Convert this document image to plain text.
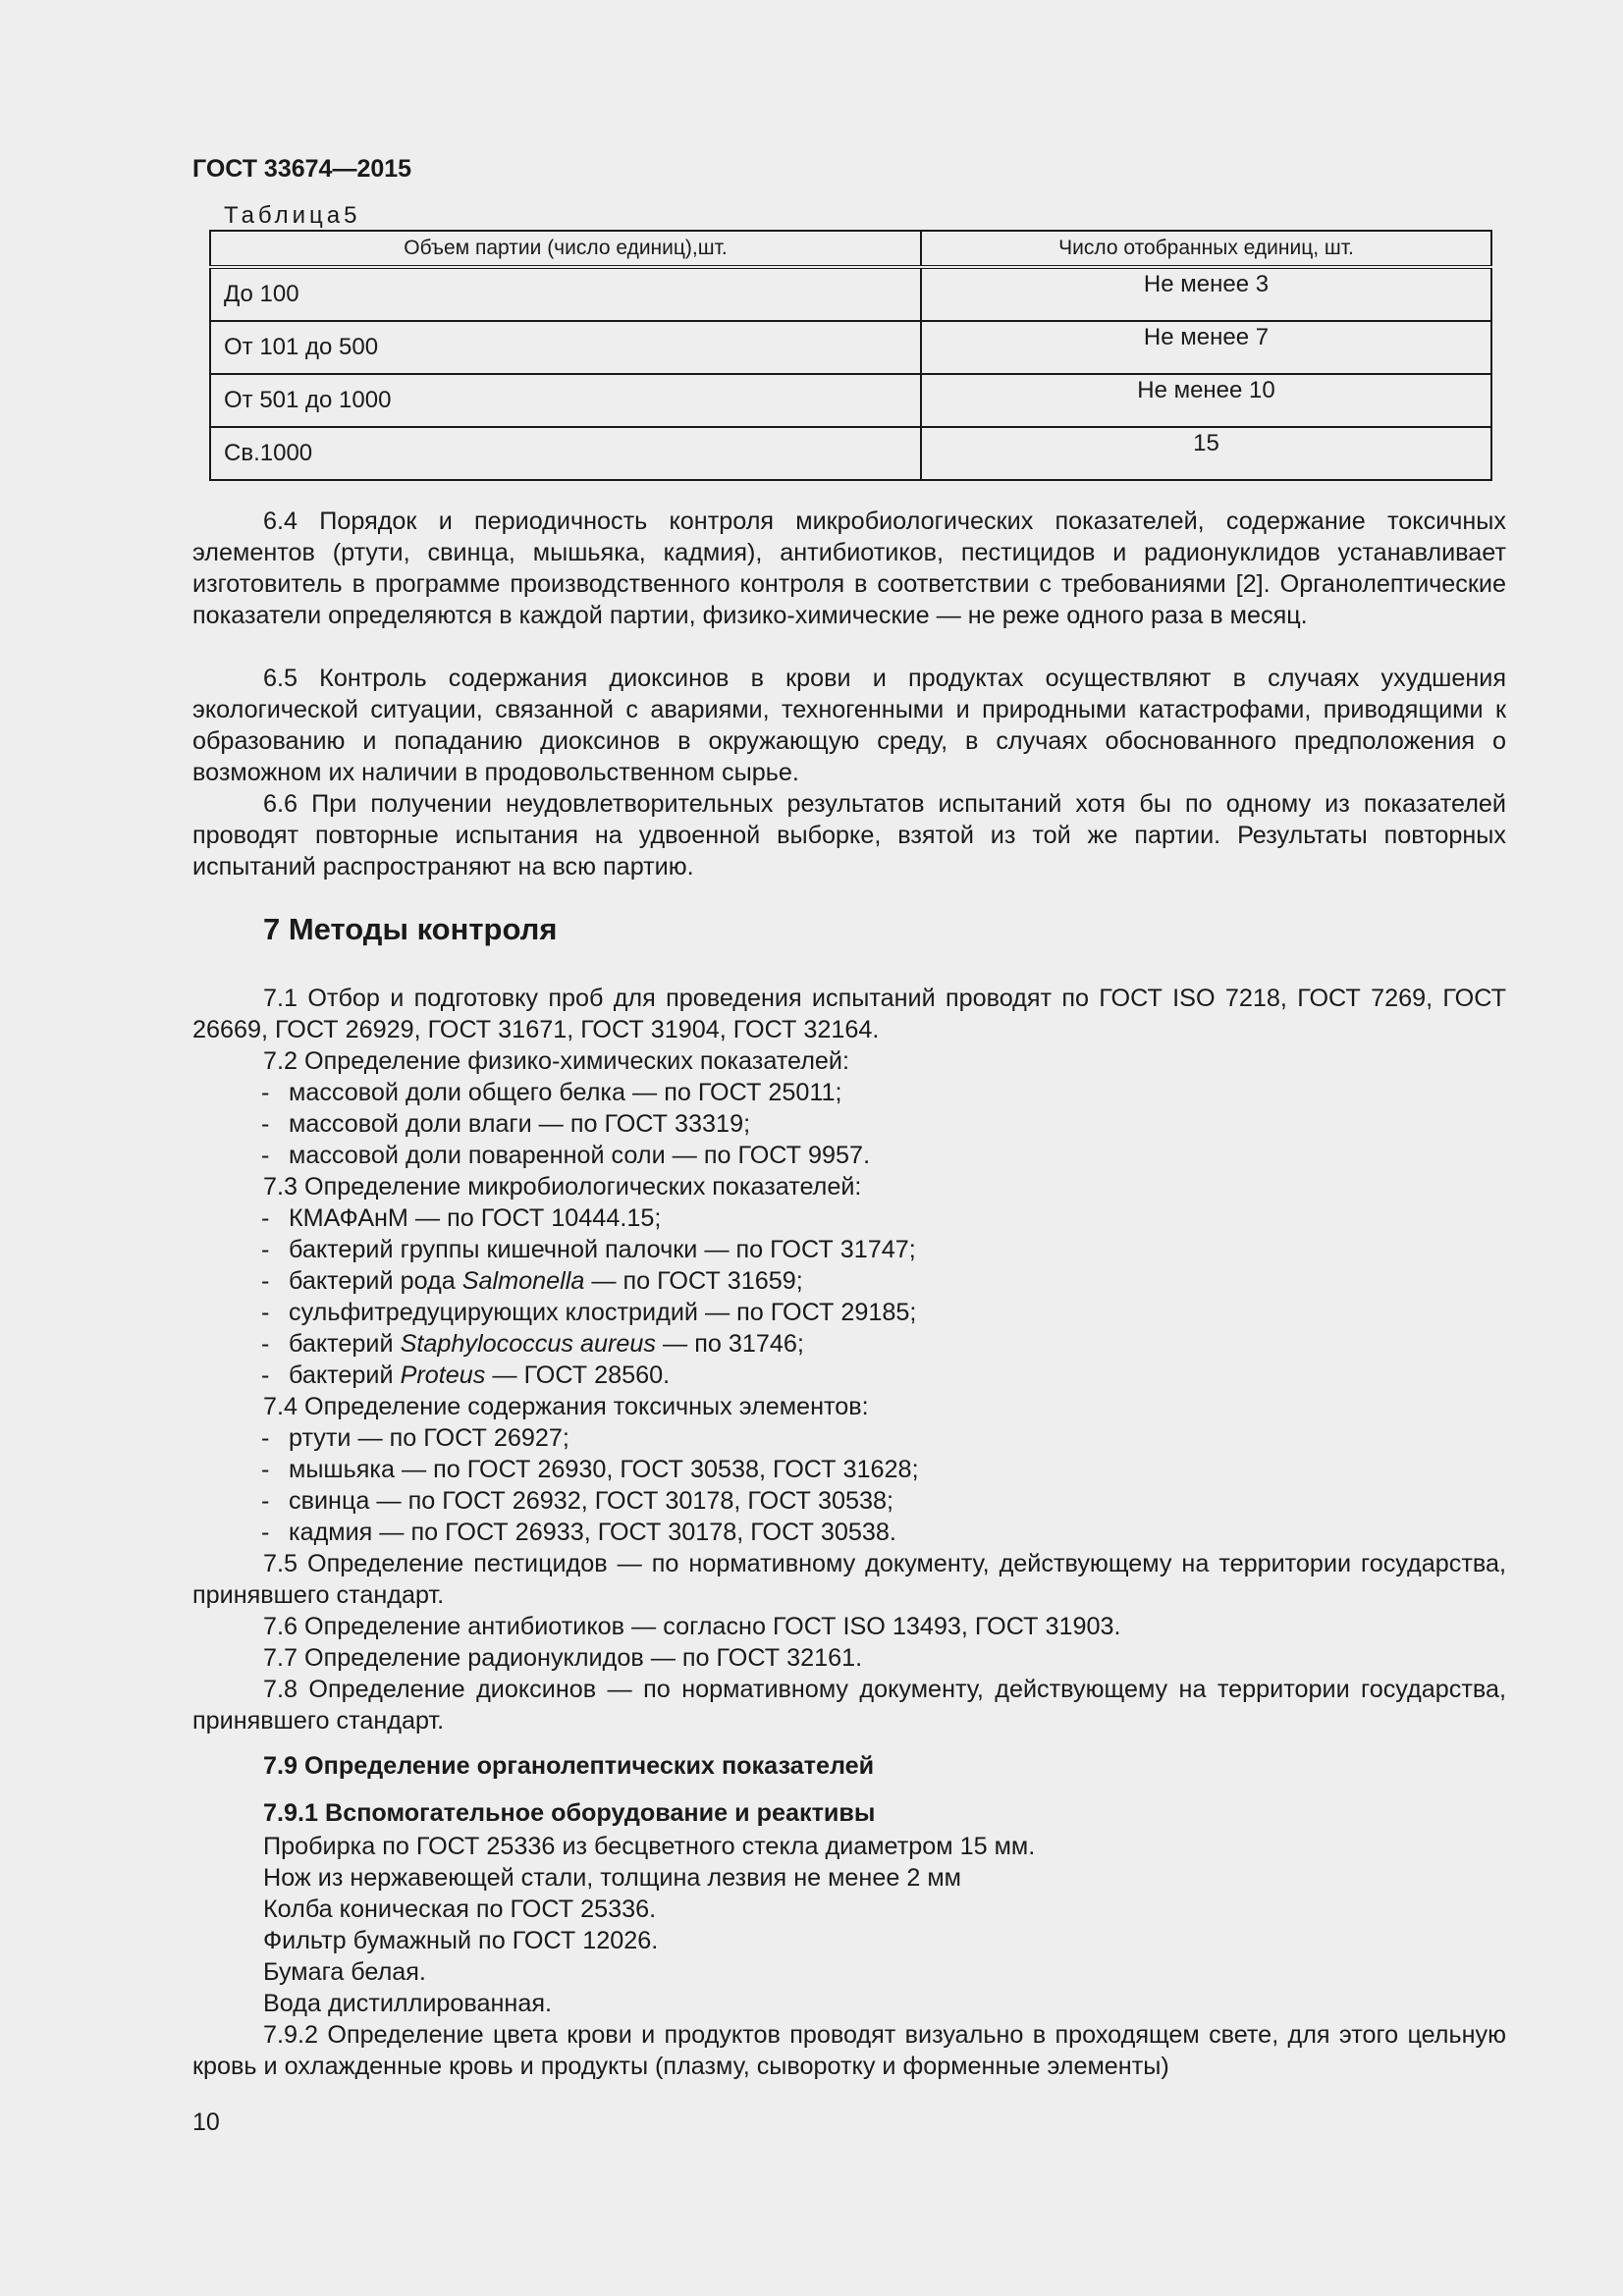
ГОСТ 33674—2015
Таблица5
Объем партии (число единиц),шт.	Число отобранных единиц, шт.
До 100	Не менее 3
От 101 до 500	Не менее 7
От 501 до 1000	Не менее 10
Св.1000	15
6.4 Порядок и периодичность контроля микробиологических показателей, содержание токсичных элементов (ртути, свинца, мышьяка, кадмия), антибиотиков, пестицидов и радионуклидов устанавливает изготовитель в программе производственного контроля в соответствии с требованиями [2]. Органолептические показатели определяются в каждой партии, физико-химические — не реже одного раза в месяц.
6.5 Контроль содержания диоксинов в крови и продуктах осуществляют в случаях ухудшения экологической ситуации, связанной с авариями, техногенными и природными катастрофами, приводящими к образованию и попаданию диоксинов в окружающую среду, в случаях обоснованного предположения о возможном их наличии в продовольственном сырье.
6.6 При получении неудовлетворительных результатов испытаний хотя бы по одному из показателей проводят повторные испытания на удвоенной выборке, взятой из той же партии. Результаты повторных испытаний распространяют на всю партию.
7 Методы контроля
7.1 Отбор и подготовку проб для проведения испытаний проводят по ГОСТ ISO 7218, ГОСТ 7269, ГОСТ 26669, ГОСТ 26929, ГОСТ 31671, ГОСТ 31904, ГОСТ 32164.
7.2 Определение физико-химических показателей:
- массовой доли общего белка — по ГОСТ 25011;
- массовой доли влаги — по ГОСТ 33319;
- массовой доли поваренной соли — по ГОСТ 9957.
7.3 Определение микробиологических показателей:
- КМАФАнМ — по ГОСТ 10444.15;
- бактерий группы кишечной палочки — по ГОСТ 31747;
- бактерий рода Salmonella — по ГОСТ 31659;
- сульфитредуцирующих клостридий — по ГОСТ 29185;
- бактерий Staphylococcus aureus — по 31746;
- бактерий Proteus — ГОСТ 28560.
7.4 Определение содержания токсичных элементов:
- ртути — по ГОСТ 26927;
- мышьяка — по ГОСТ 26930, ГОСТ 30538, ГОСТ 31628;
- свинца — по ГОСТ 26932, ГОСТ 30178, ГОСТ 30538;
- кадмия — по ГОСТ 26933, ГОСТ 30178, ГОСТ 30538.
7.5 Определение пестицидов — по нормативному документу, действующему на территории государства, принявшего стандарт.
7.6 Определение антибиотиков — согласно ГОСТ ISO 13493, ГОСТ 31903.
7.7 Определение радионуклидов — по ГОСТ 32161.
7.8 Определение диоксинов — по нормативному документу, действующему на территории государства, принявшего стандарт.
7.9 Определение органолептических показателей
7.9.1 Вспомогательное оборудование и реактивы
Пробирка по ГОСТ 25336 из бесцветного стекла диаметром 15 мм.
Нож из нержавеющей стали, толщина лезвия не менее 2 мм
Колба коническая по ГОСТ 25336.
Фильтр бумажный по ГОСТ 12026.
Бумага белая.
Вода дистиллированная.
7.9.2 Определение цвета крови и продуктов проводят визуально в проходящем свете, для этого цельную кровь и охлажденные кровь и продукты (плазму, сыворотку и форменные элементы)
10
